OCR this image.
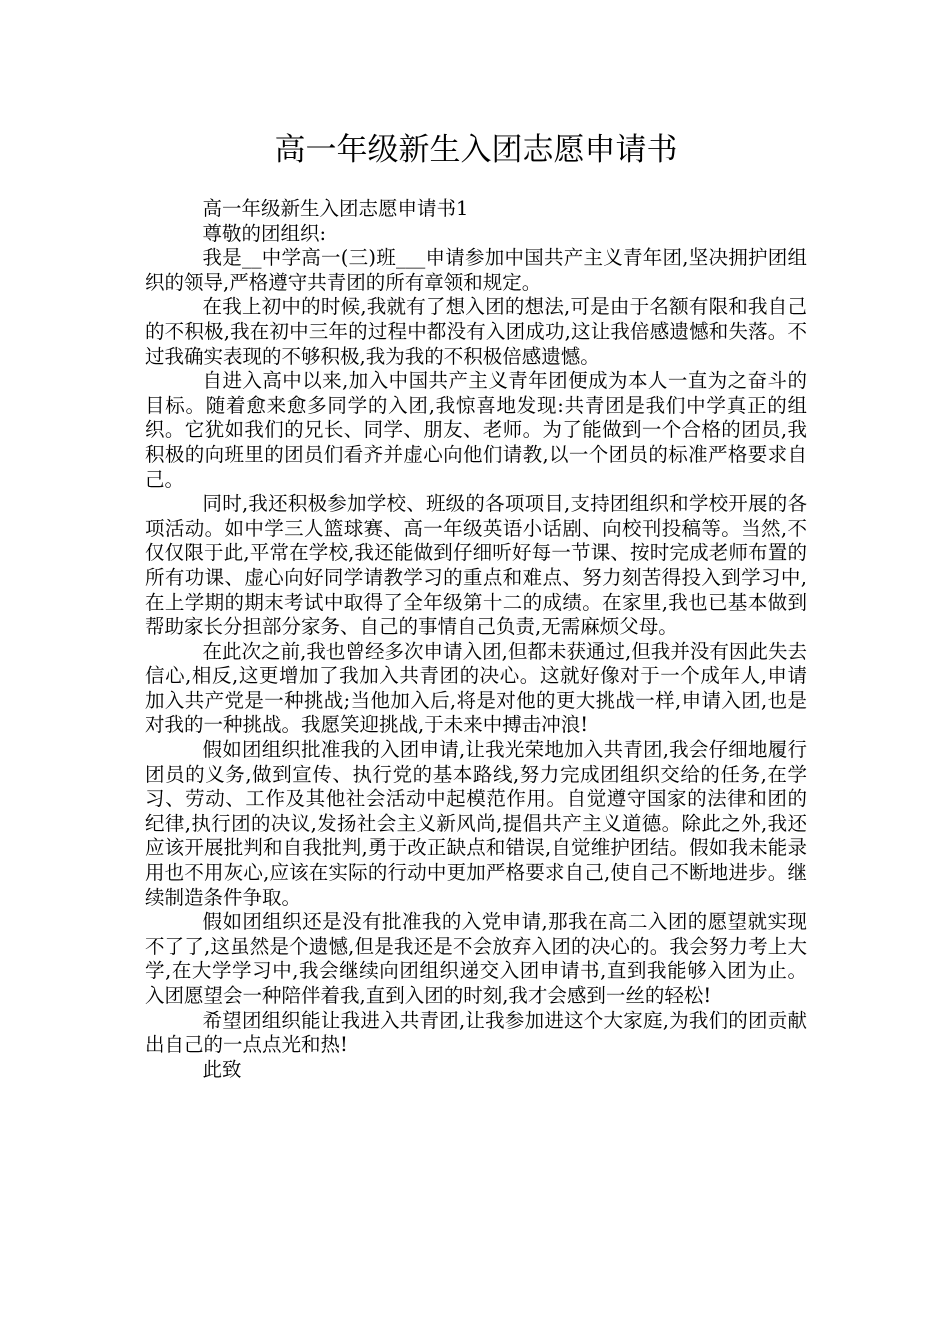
高一年级新生入团志愿申请书

高一年级新生入团志愿申请书1

尊敬的团组织:

我是__中学高一(三)班___申请参加中国共产主义青年团,坚决拥护团组织的领导,严格遵守共青团的所有章领和规定。

在我上初中的时候,我就有了想入团的想法,可是由于名额有限和我自己的不积极,我在初中三年的过程中都没有入团成功,这让我倍感遗憾和失落。不过我确实表现的不够积极,我为我的不积极倍感遗憾。

自进入高中以来,加入中国共产主义青年团便成为本人一直为之奋斗的目标。随着愈来愈多同学的入团,我惊喜地发现:共青团是我们中学真正的组织。它犹如我们的兄长、同学、朋友、老师。为了能做到一个合格的团员,我积极的向班里的团员们看齐并虚心向他们请教,以一个团员的标准严格要求自己。

同时,我还积极参加学校、班级的各项项目,支持团组织和学校开展的各项活动。如中学三人篮球赛、高一年级英语小话剧、向校刊投稿等。当然,不仅仅限于此,平常在学校,我还能做到仔细听好每一节课、按时完成老师布置的所有功课、虚心向好同学请教学习的重点和难点、努力刻苦得投入到学习中,在上学期的期末考试中取得了全年级第十二的成绩。在家里,我也已基本做到帮助家长分担部分家务、自己的事情自己负责,无需麻烦父母。

在此次之前,我也曾经多次申请入团,但都未获通过,但我并没有因此失去信心,相反,这更增加了我加入共青团的决心。这就好像对于一个成年人,申请加入共产党是一种挑战;当他加入后,将是对他的更大挑战一样,申请入团,也是对我的一种挑战。我愿笑迎挑战,于未来中搏击冲浪!

假如团组织批准我的入团申请,让我光荣地加入共青团,我会仔细地履行团员的义务,做到宣传、执行党的基本路线,努力完成团组织交给的任务,在学习、劳动、工作及其他社会活动中起模范作用。自觉遵守国家的法律和团的纪律,执行团的决议,发扬社会主义新风尚,提倡共产主义道德。除此之外,我还应该开展批判和自我批判,勇于改正缺点和错误,自觉维护团结。假如我未能录用也不用灰心,应该在实际的行动中更加严格要求自己,使自己不断地进步。继续制造条件争取。

假如团组织还是没有批准我的入党申请,那我在高二入团的愿望就实现不了了,这虽然是个遗憾,但是我还是不会放弃入团的决心的。我会努力考上大学,在大学学习中,我会继续向团组织递交入团申请书,直到我能够入团为止。入团愿望会一种陪伴着我,直到入团的时刻,我才会感到一丝的轻松!

希望团组织能让我进入共青团,让我参加进这个大家庭,为我们的团贡献出自己的一点点光和热!

此致
